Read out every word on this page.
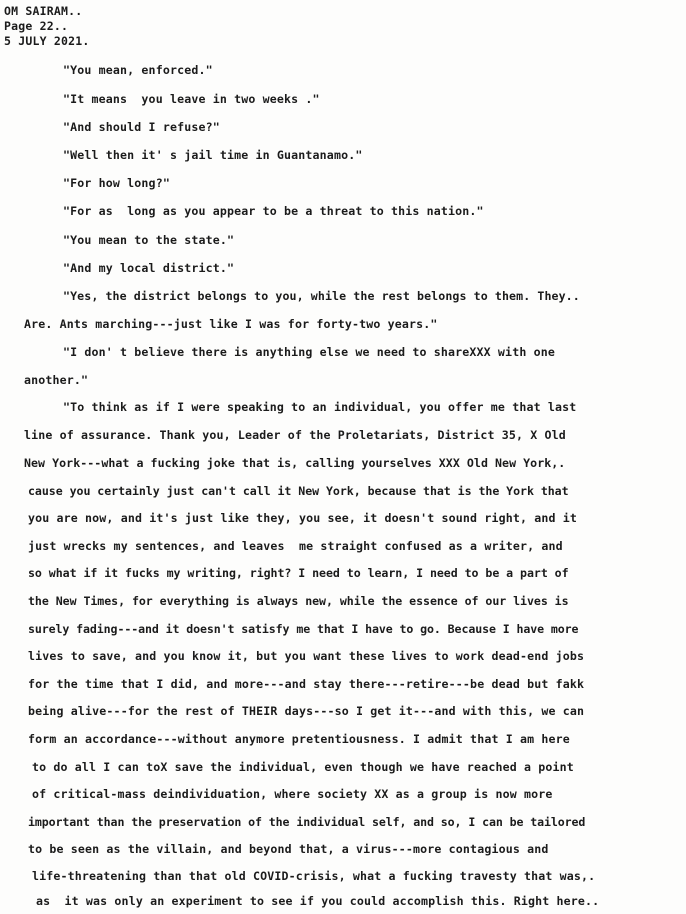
OM SAIRAM..
Page 22..
5 JULY 2021.
"You mean, enforced."
"It means  you leave in two weeks ."
"And should I refuse?"
"Well then it' s jail time in Guantanamo."
"For how long?"
"For as  long as you appear to be a threat to this nation."
"You mean to the state."
"And my local district."
"Yes, the district belongs to you, while the rest belongs to them. They..
Are. Ants marching---just like I was for forty-two years."
"I don' t believe there is anything else we need to shareXXX with one
another."
"To think as if I were speaking to an individual, you offer me that last
line of assurance. Thank you, Leader of the Proletariats, District 35, X Old
New York---what a fucking joke that is, calling yourselves XXX Old New York,.
cause you certainly just can't call it New York, because that is the York that
you are now, and it's just like they, you see, it doesn't sound right, and it
just wrecks my sentences, and leaves  me straight confused as a writer, and
so what if it fucks my writing, right? I need to learn, I need to be a part of
the New Times, for everything is always new, while the essence of our lives is
surely fading---and it doesn't satisfy me that I have to go. Because I have more
lives to save, and you know it, but you want these lives to work dead-end jobs
for the time that I did, and more---and stay there---retire---be dead but fakk
being alive---for the rest of THEIR days---so I get it---and with this, we can
form an accordance---without anymore pretentiousness. I admit that I am here
to do all I can toX save the individual, even though we have reached a point
of critical-mass deindividuation, where society XX as a group is now more
important than the preservation of the individual self, and so, I can be tailored
to be seen as the villain, and beyond that, a virus---more contagious and
life-threatening than that old COVID-crisis, what a fucking travesty that was,.
as  it was only an experiment to see if you could accomplish this. Right here..
